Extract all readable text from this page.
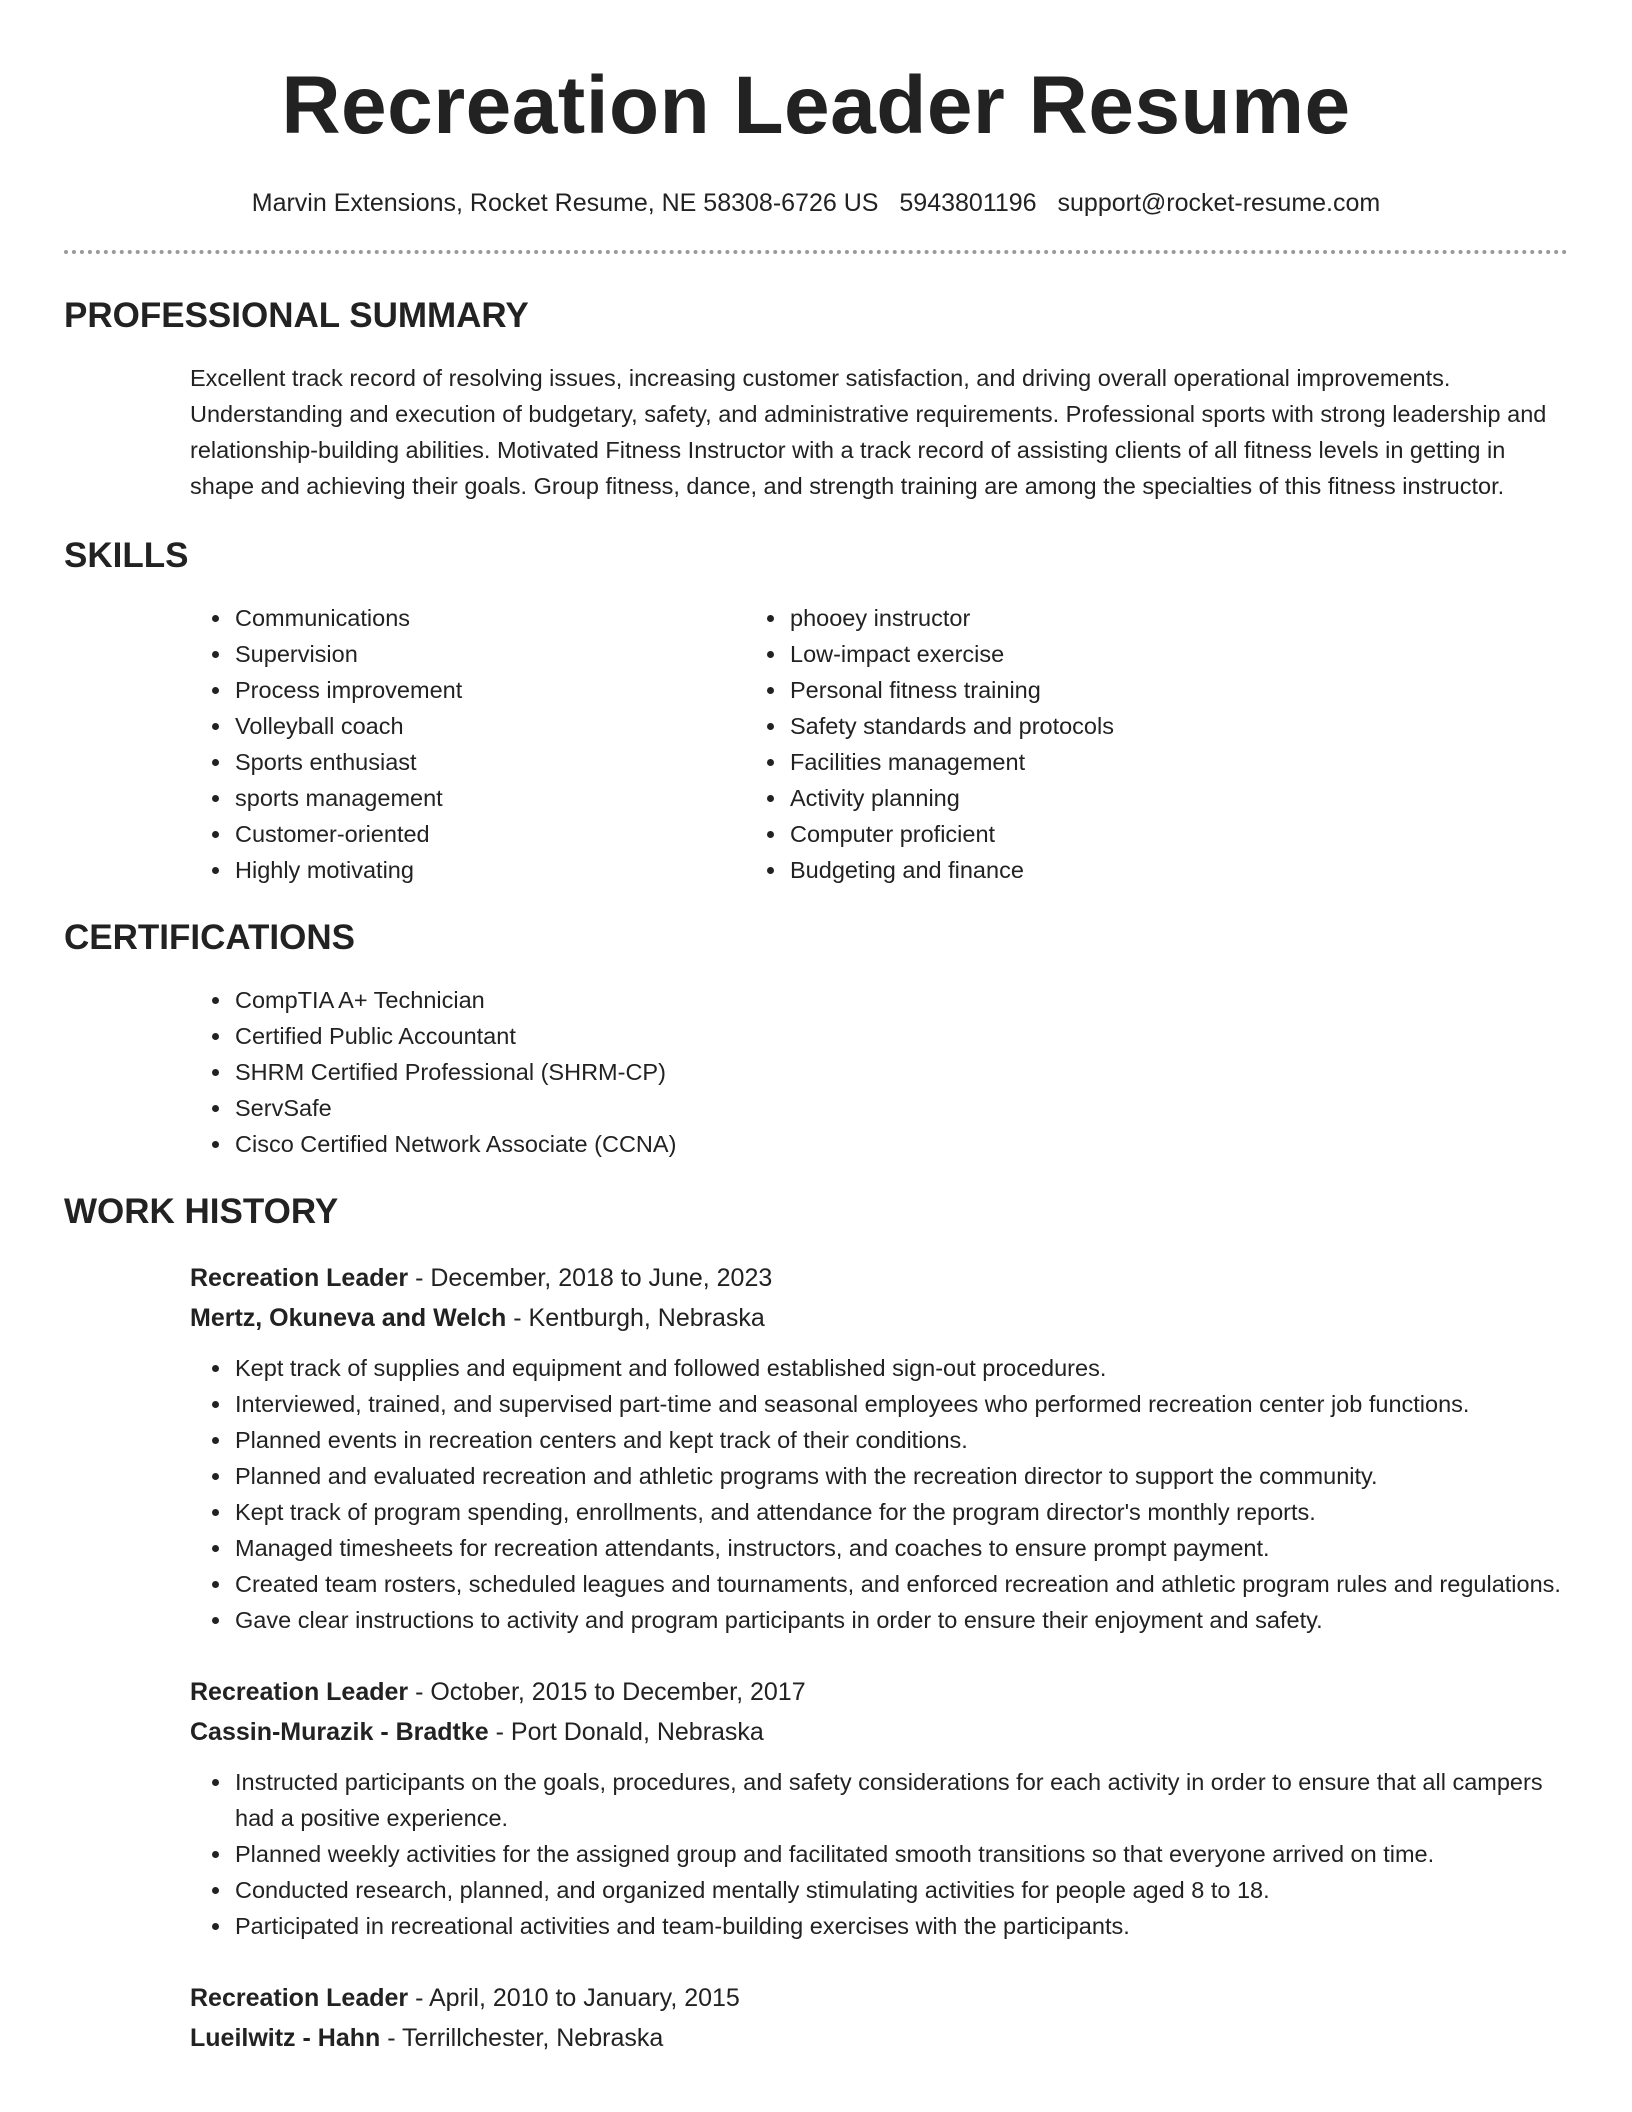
Recreation Leader Resume
Marvin Extensions, Rocket Resume, NE 58308-6726 US 5943801196 support@rocket-resume.com
PROFESSIONAL SUMMARY

Excellent track record of resolving issues, increasing customer satisfaction, and driving overall operational improvements. Understanding and execution of budgetary, safety, and administrative requirements. Professional sports with strong leadership and relationship-building abilities. Motivated Fitness Instructor with a track record of assisting clients of all fitness levels in getting in shape and achieving their goals. Group fitness, dance, and strength training are among the specialties of this fitness instructor.

SKILLS
• Communications
• Supervision
• Process improvement
• Volleyball coach
• Sports enthusiast
• sports management
• Customer-oriented
• Highly motivating
• phooey instructor
• Low-impact exercise
• Personal fitness training
• Safety standards and protocols
• Facilities management
• Activity planning
• Computer proficient
• Budgeting and finance
CERTIFICATIONS
• CompTIA A+ Technician
• Certified Public Accountant
• SHRM Certified Professional (SHRM-CP)
• ServSafe
• Cisco Certified Network Associate (CCNA)
WORK HISTORY
Recreation Leader - December, 2018 to June, 2023
Mertz, Okuneva and Welch - Kentburgh, Nebraska
• Kept track of supplies and equipment and followed established sign-out procedures.
• Interviewed, trained, and supervised part-time and seasonal employees who performed recreation center job functions.
• Planned events in recreation centers and kept track of their conditions.
• Planned and evaluated recreation and athletic programs with the recreation director to support the community.
• Kept track of program spending, enrollments, and attendance for the program director's monthly reports.
• Managed timesheets for recreation attendants, instructors, and coaches to ensure prompt payment.
• Created team rosters, scheduled leagues and tournaments, and enforced recreation and athletic program rules and regulations.
• Gave clear instructions to activity and program participants in order to ensure their enjoyment and safety.
Recreation Leader - October, 2015 to December, 2017
Cassin-Murazik - Bradtke - Port Donald, Nebraska
• Instructed participants on the goals, procedures, and safety considerations for each activity in order to ensure that all campers had a positive experience.
• Planned weekly activities for the assigned group and facilitated smooth transitions so that everyone arrived on time.
• Conducted research, planned, and organized mentally stimulating activities for people aged 8 to 18.
• Participated in recreational activities and team-building exercises with the participants.
Recreation Leader - April, 2010 to January, 2015
Lueilwitz - Hahn - Terrillchester, Nebraska
